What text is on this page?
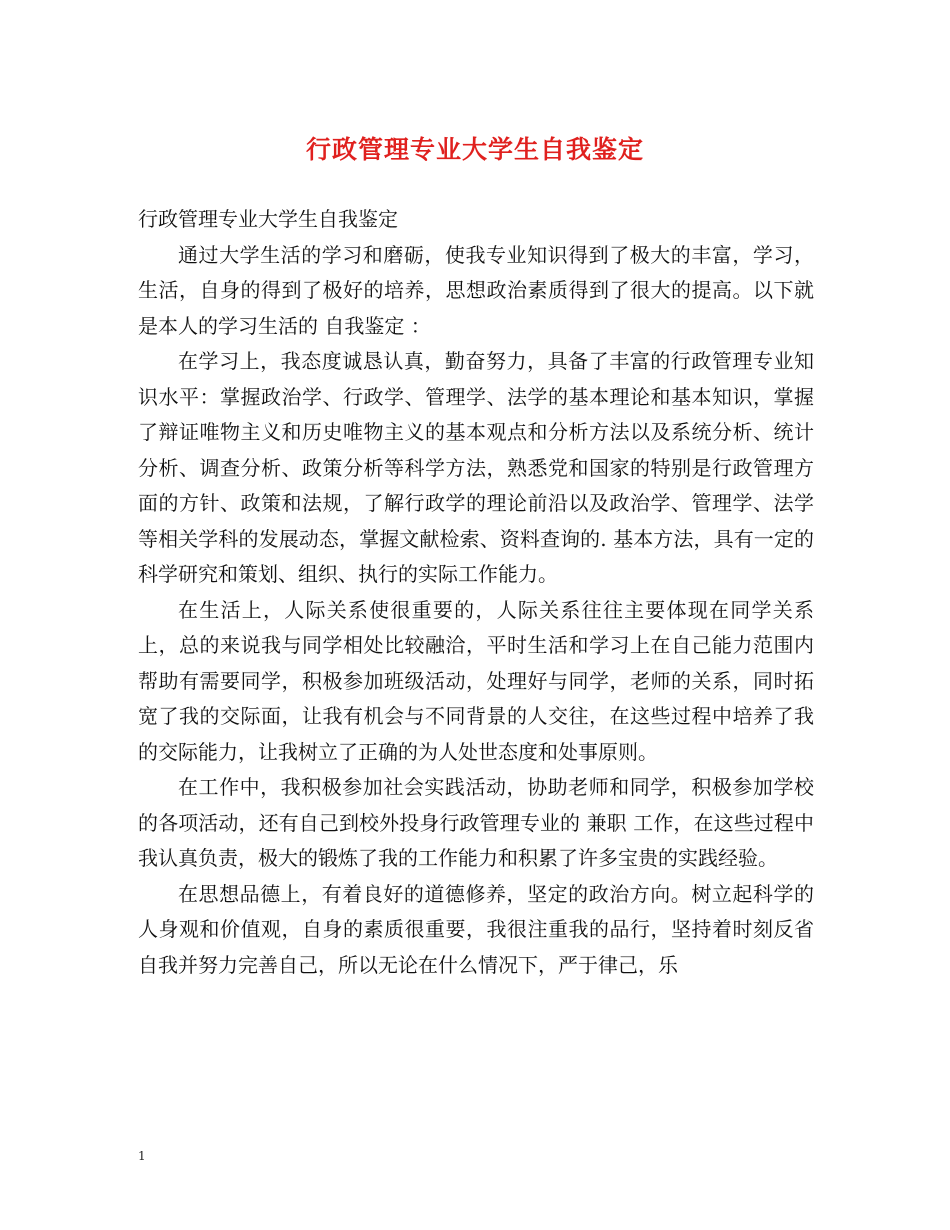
行政管理专业大学生自我鉴定

行政管理专业大学生自我鉴定

通过大学生活的学习和磨砺，使我专业知识得到了极大的丰富，学习，生活，自身的得到了极好的培养，思想政治素质得到了很大的提高。以下就是本人的学习生活的 自我鉴定 ：

在学习上，我态度诚恳认真，勤奋努力，具备了丰富的行政管理专业知识水平：掌握政治学、行政学、管理学、法学的基本理论和基本知识，掌握了辩证唯物主义和历史唯物主义的基本观点和分析方法以及系统分析、统计分析、调查分析、政策分析等科学方法，熟悉党和国家的特别是行政管理方面的方针、政策和法规，了解行政学的理论前沿以及政治学、管理学、法学等相关学科的发展动态，掌握文献检索、资料查询的. 基本方法，具有一定的科学研究和策划、组织、执行的实际工作能力。

在生活上，人际关系使很重要的，人际关系往往主要体现在同学关系上，总的来说我与同学相处比较融洽，平时生活和学习上在自己能力范围内帮助有需要同学，积极参加班级活动，处理好与同学，老师的关系，同时拓宽了我的交际面，让我有机会与不同背景的人交往，在这些过程中培养了我的交际能力，让我树立了正确的为人处世态度和处事原则。

在工作中，我积极参加社会实践活动，协助老师和同学，积极参加学校的各项活动，还有自己到校外投身行政管理专业的 兼职 工作，在这些过程中我认真负责，极大的锻炼了我的工作能力和积累了许多宝贵的实践经验。

在思想品德上，有着良好的道德修养，坚定的政治方向。树立起科学的人身观和价值观，自身的素质很重要，我很注重我的品行，坚持着时刻反省自我并努力完善自己，所以无论在什么情况下，严于律己，乐

1
